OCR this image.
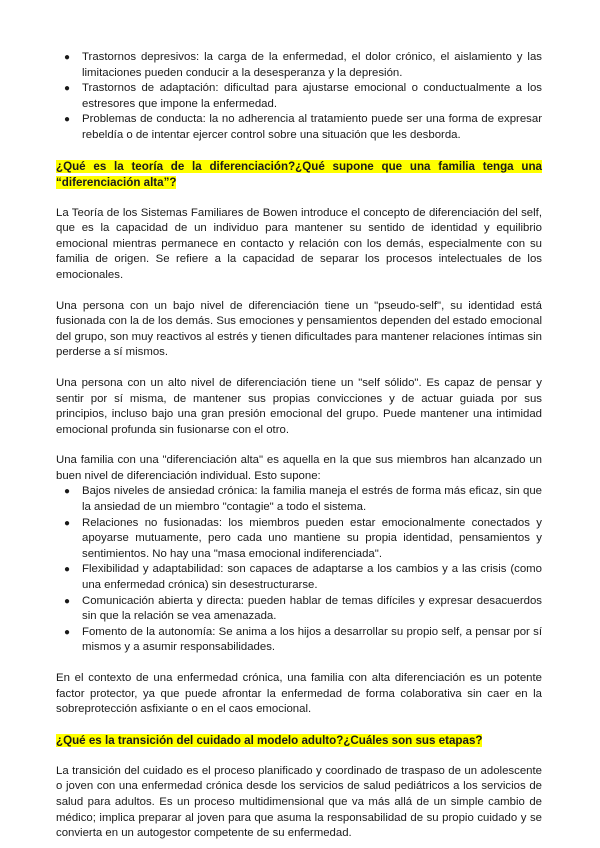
● Trastornos depresivos: la carga de la enfermedad, el dolor crónico, el aislamiento y las limitaciones pueden conducir a la desesperanza y la depresión.
● Trastornos de adaptación: dificultad para ajustarse emocional o conductualmente a los estresores que impone la enfermedad.
● Problemas de conducta: la no adherencia al tratamiento puede ser una forma de expresar rebeldía o de intentar ejercer control sobre una situación que les desborda.
¿Qué es la teoría de la diferenciación?¿Qué supone que una familia tenga una “diferenciación alta”?

La Teoría de los Sistemas Familiares de Bowen introduce el concepto de diferenciación del self, que es la capacidad de un individuo para mantener su sentido de identidad y equilibrio emocional mientras permanece en contacto y relación con los demás, especialmente con su familia de origen. Se refiere a la capacidad de separar los procesos intelectuales de los emocionales.

Una persona con un bajo nivel de diferenciación tiene un "pseudo-self", su identidad está fusionada con la de los demás. Sus emociones y pensamientos dependen del estado emocional del grupo, son muy reactivos al estrés y tienen dificultades para mantener relaciones íntimas sin perderse a sí mismos.

Una persona con un alto nivel de diferenciación tiene un "self sólido". Es capaz de pensar y sentir por sí misma, de mantener sus propias convicciones y de actuar guiada por sus principios, incluso bajo una gran presión emocional del grupo. Puede mantener una intimidad emocional profunda sin fusionarse con el otro.

Una familia con una "diferenciación alta" es aquella en la que sus miembros han alcanzado un buen nivel de diferenciación individual. Esto supone:

● Bajos niveles de ansiedad crónica: la familia maneja el estrés de forma más eficaz, sin que la ansiedad de un miembro "contagie" a todo el sistema.
● Relaciones no fusionadas: los miembros pueden estar emocionalmente conectados y apoyarse mutuamente, pero cada uno mantiene su propia identidad, pensamientos y sentimientos. No hay una "masa emocional indiferenciada".
● Flexibilidad y adaptabilidad: son capaces de adaptarse a los cambios y a las crisis (como una enfermedad crónica) sin desestructurarse.
● Comunicación abierta y directa: pueden hablar de temas difíciles y expresar desacuerdos sin que la relación se vea amenazada.
● Fomento de la autonomía: Se anima a los hijos a desarrollar su propio self, a pensar por sí mismos y a asumir responsabilidades.

En el contexto de una enfermedad crónica, una familia con alta diferenciación es un potente factor protector, ya que puede afrontar la enfermedad de forma colaborativa sin caer en la sobreprotección asfixiante o en el caos emocional.

¿Qué es la transición del cuidado al modelo adulto?¿Cuáles son sus etapas?

La transición del cuidado es el proceso planificado y coordinado de traspaso de un adolescente o joven con una enfermedad crónica desde los servicios de salud pediátricos a los servicios de salud para adultos. Es un proceso multidimensional que va más allá de un simple cambio de médico; implica preparar al joven para que asuma la responsabilidad de su propio cuidado y se convierta en un autogestor competente de su enfermedad.
